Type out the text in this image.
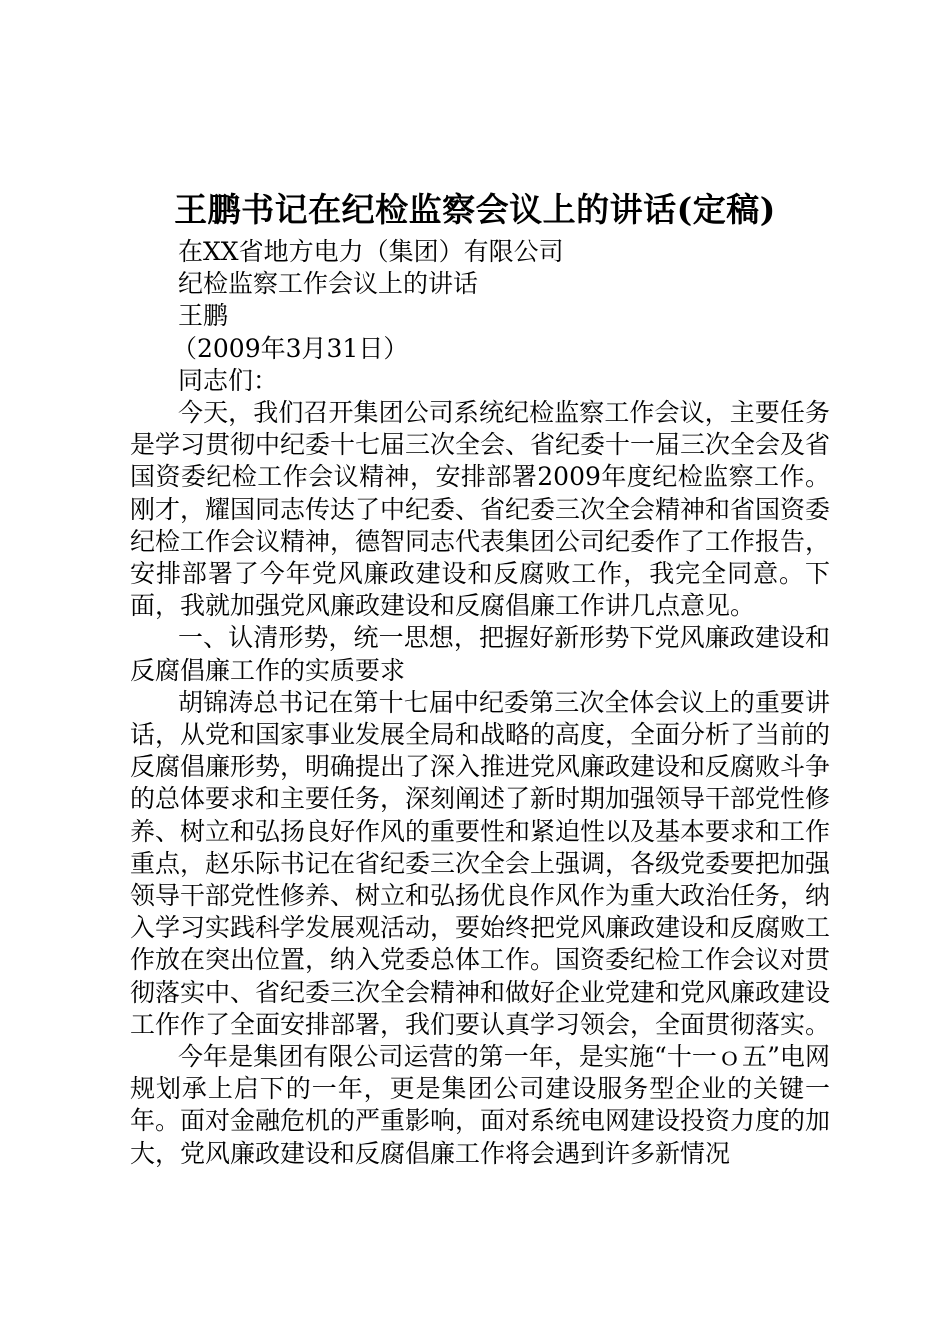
王鹏书记在纪检监察会议上的讲话(定稿)

在XX省地方电力（集团）有限公司

纪检监察工作会议上的讲话

王鹏

（2009年3月31日）

同志们：

今天，我们召开集团公司系统纪检监察工作会议，主要任务是学习贯彻中纪委十七届三次全会、省纪委十一届三次全会及省国资委纪检工作会议精神，安排部署2009年度纪检监察工作。刚才，耀国同志传达了中纪委、省纪委三次全会精神和省国资委纪检工作会议精神，德智同志代表集团公司纪委作了工作报告，安排部署了今年党风廉政建设和反腐败工作，我完全同意。下面，我就加强党风廉政建设和反腐倡廉工作讲几点意见。

一、认清形势，统一思想，把握好新形势下党风廉政建设和反腐倡廉工作的实质要求

胡锦涛总书记在第十七届中纪委第三次全体会议上的重要讲话，从党和国家事业发展全局和战略的高度，全面分析了当前的反腐倡廉形势，明确提出了深入推进党风廉政建设和反腐败斗争的总体要求和主要任务，深刻阐述了新时期加强领导干部党性修养、树立和弘扬良好作风的重要性和紧迫性以及基本要求和工作重点，赵乐际书记在省纪委三次全会上强调，各级党委要把加强领导干部党性修养、树立和弘扬优良作风作为重大政治任务，纳入学习实践科学发展观活动，要始终把党风廉政建设和反腐败工作放在突出位置，纳入党委总体工作。国资委纪检工作会议对贯彻落实中、省纪委三次全会精神和做好企业党建和党风廉政建设工作作了全面安排部署，我们要认真学习领会，全面贯彻落实。

今年是集团有限公司运营的第一年，是实施“十一ｏ五”电网规划承上启下的一年，更是集团公司建设服务型企业的关键一年。面对金融危机的严重影响，面对系统电网建设投资力度的加大，党风廉政建设和反腐倡廉工作将会遇到许多新情况
